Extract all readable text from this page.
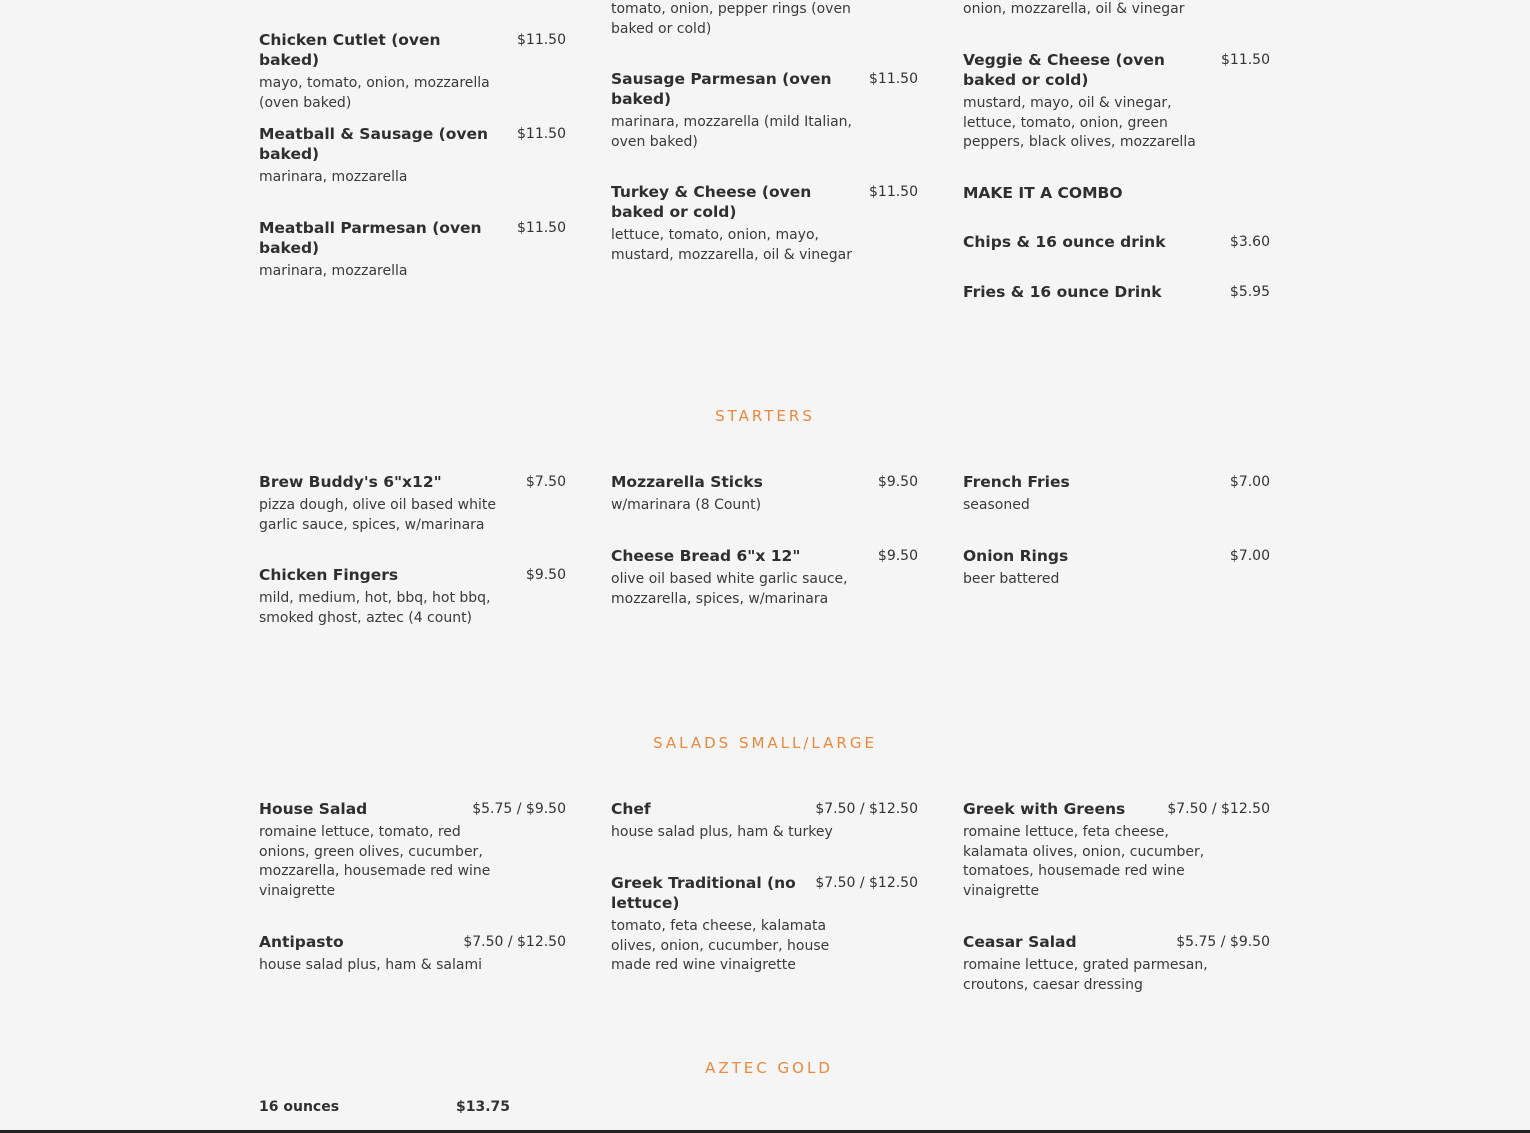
tomato, onion, pepper rings (oven baked or cold)
onion, mozzarella, oil & vinegar
Chicken Cutlet (oven baked)
$11.50
mayo, tomato, onion, mozzarella (oven baked)
Meatball & Sausage (oven baked)
$11.50
marinara, mozzarella
Meatball Parmesan (oven baked)
$11.50
marinara, mozzarella
Sausage Parmesan (oven baked)
$11.50
marinara, mozzarella (mild Italian, oven baked)
Turkey & Cheese (oven baked or cold)
$11.50
lettuce, tomato, onion, mayo, mustard, mozzarella, oil & vinegar
Veggie & Cheese (oven baked or cold)
$11.50
mustard, mayo, oil & vinegar, lettuce, tomato, onion, green peppers, black olives, mozzarella
MAKE IT A COMBO
Chips & 16 ounce drink	$3.60
Fries & 16 ounce Drink	$5.95
STARTERS
Brew Buddy's 6"x12"	$7.50
pizza dough, olive oil based white garlic sauce, spices, w/marinara
Chicken Fingers	$9.50
mild, medium, hot, bbq, hot bbq, smoked ghost, aztec (4 count)
Mozzarella Sticks	$9.50
w/marinara (8 Count)
Cheese Bread 6"x 12"	$9.50
olive oil based white garlic sauce, mozzarella, spices, w/marinara
French Fries	$7.00
seasoned
Onion Rings	$7.00
beer battered
SALADS SMALL/LARGE
House Salad	$5.75 / $9.50
romaine lettuce, tomato, red onions, green olives, cucumber, mozzarella, housemade red wine vinaigrette
Antipasto	$7.50 / $12.50
house salad plus, ham & salami
Chef	$7.50 / $12.50
house salad plus, ham & turkey
Greek Traditional (no lettuce)
$7.50 / $12.50
tomato, feta cheese, kalamata olives, onion, cucumber, house made red wine vinaigrette
Greek with Greens	$7.50 / $12.50
romaine lettuce, feta cheese, kalamata olives, onion, cucumber, tomatoes, housemade red wine vinaigrette
Ceasar Salad	$5.75 / $9.50
romaine lettuce, grated parmesan, croutons, caesar dressing
AZTEC GOLD
16 ounces	$13.75
